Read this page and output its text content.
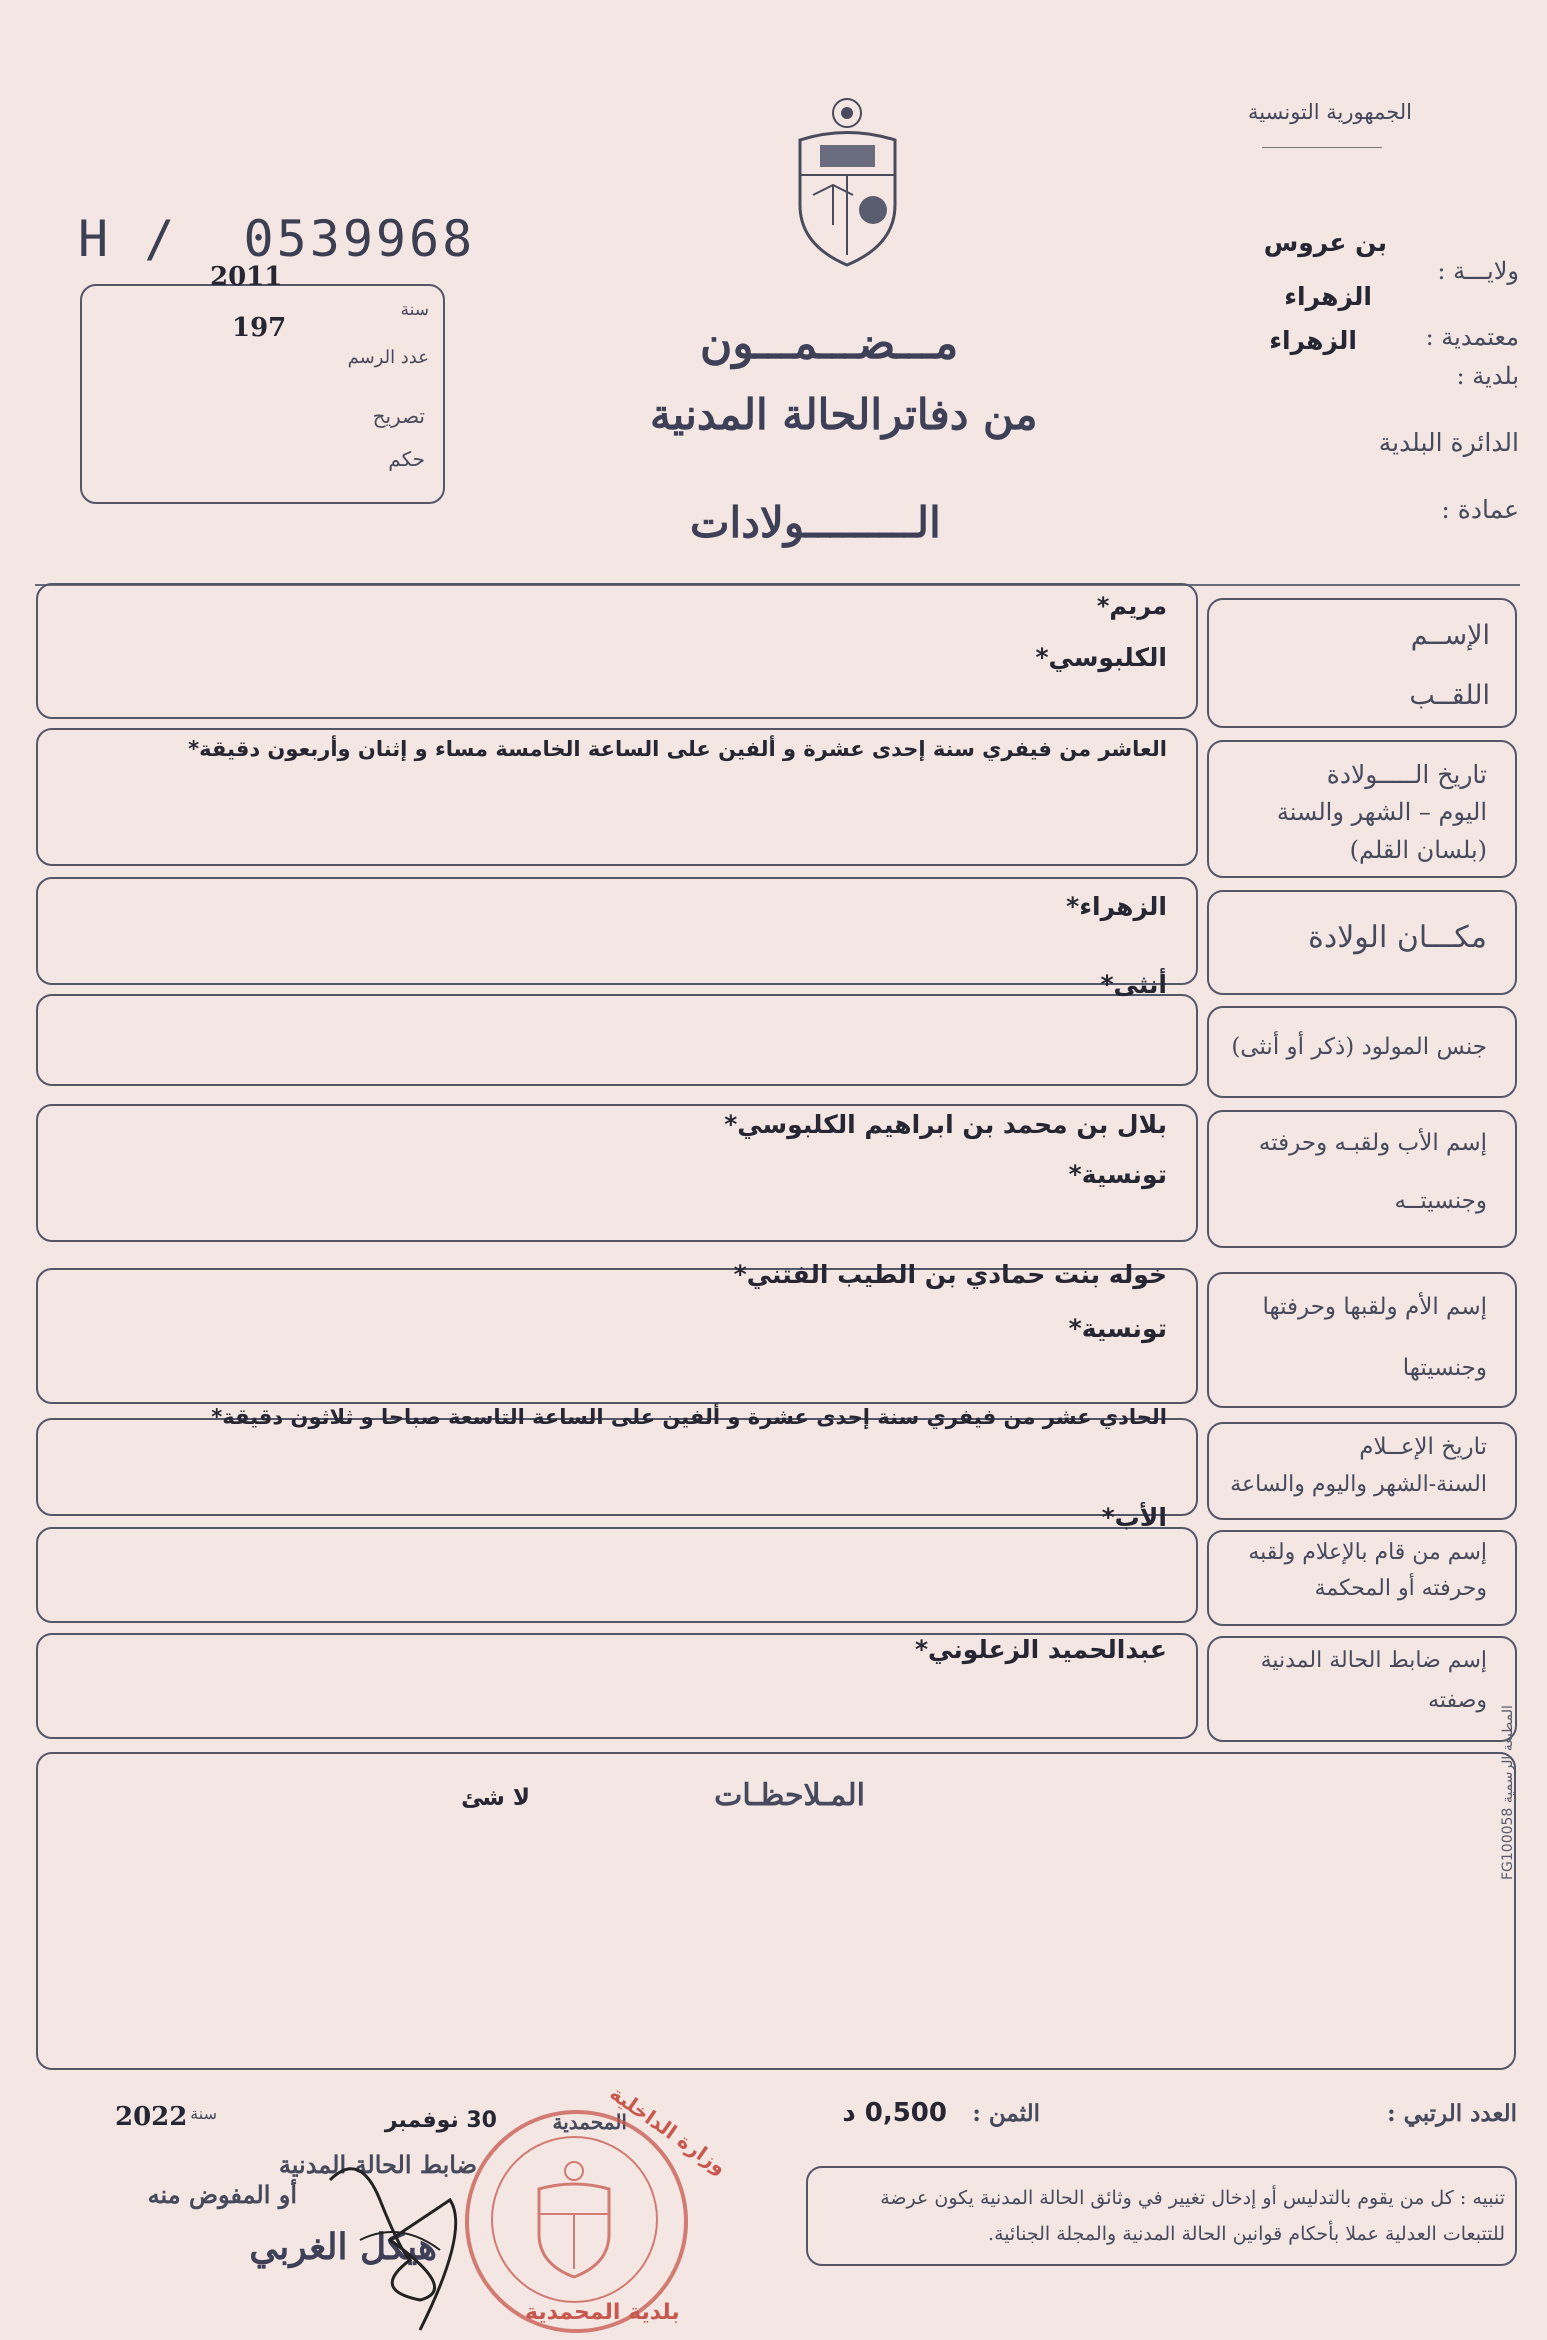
الجمهورية التونسية
H /  0539968
مـــضـــمـــون
من دفاترالحالة المدنية
الـــــــــولادات
2011
سنة
197
عدد الرسم
تصريح
حكم
ولايـــة :
بن عروس
الزهراء
معتمدية :
الزهراء
بلدية :
الدائرة البلدية
عمادة :
الإســم
اللقــب
مريم*
الكلبوسي*
تاريخ الـــــولادة
اليوم – الشهر والسنة
(بلسان القلم)
العاشر من فيفري سنة إحدى عشرة و ألفين على الساعة الخامسة مساء و إثنان وأربعون دقيقة*
مكـــان الولادة
الزهراء*
جنس المولود (ذكر أو أنثى)
أنثى*
إسم الأب ولقبـه وحرفته
وجنسيتــه
بلال بن محمد بن ابراهيم الكلبوسي*
تونسية*
إسم الأم ولقبها وحرفتها
وجنسيتها
خوله بنت حمادي بن الطيب الفتني*
تونسية*
تاريخ الإعــلام
السنة-الشهر واليوم والساعة
الحادي عشر من فيفري سنة إحدى عشرة و ألفين على الساعة التاسعة صباحا و ثلاثون دقيقة*
إسم من قام بالإعلام ولقبه
وحرفته أو المحكمة
الأب*
إسم ضابط الحالة المدنية
وصفته
عبدالحميد الزعلوني*
المـلاحظـات
لا شئ
المطبعة الرسمية FG100058
العدد الرتبي :
الثمن :
0,500 د
تنبيه : كل من يقوم بالتدليس أو إدخال تغيير في وثائق الحالة المدنية يكون عرضة للتتبعات العدلية عملا بأحكام قوانين الحالة المدنية والمجلة الجنائية.
المحمدية
30 نوفمبر
سنة
2022
ضابط الحالة المدنية
أو المفوض منه
هيكل الغربي
بلدية المحمدية
وزارة الداخلية
